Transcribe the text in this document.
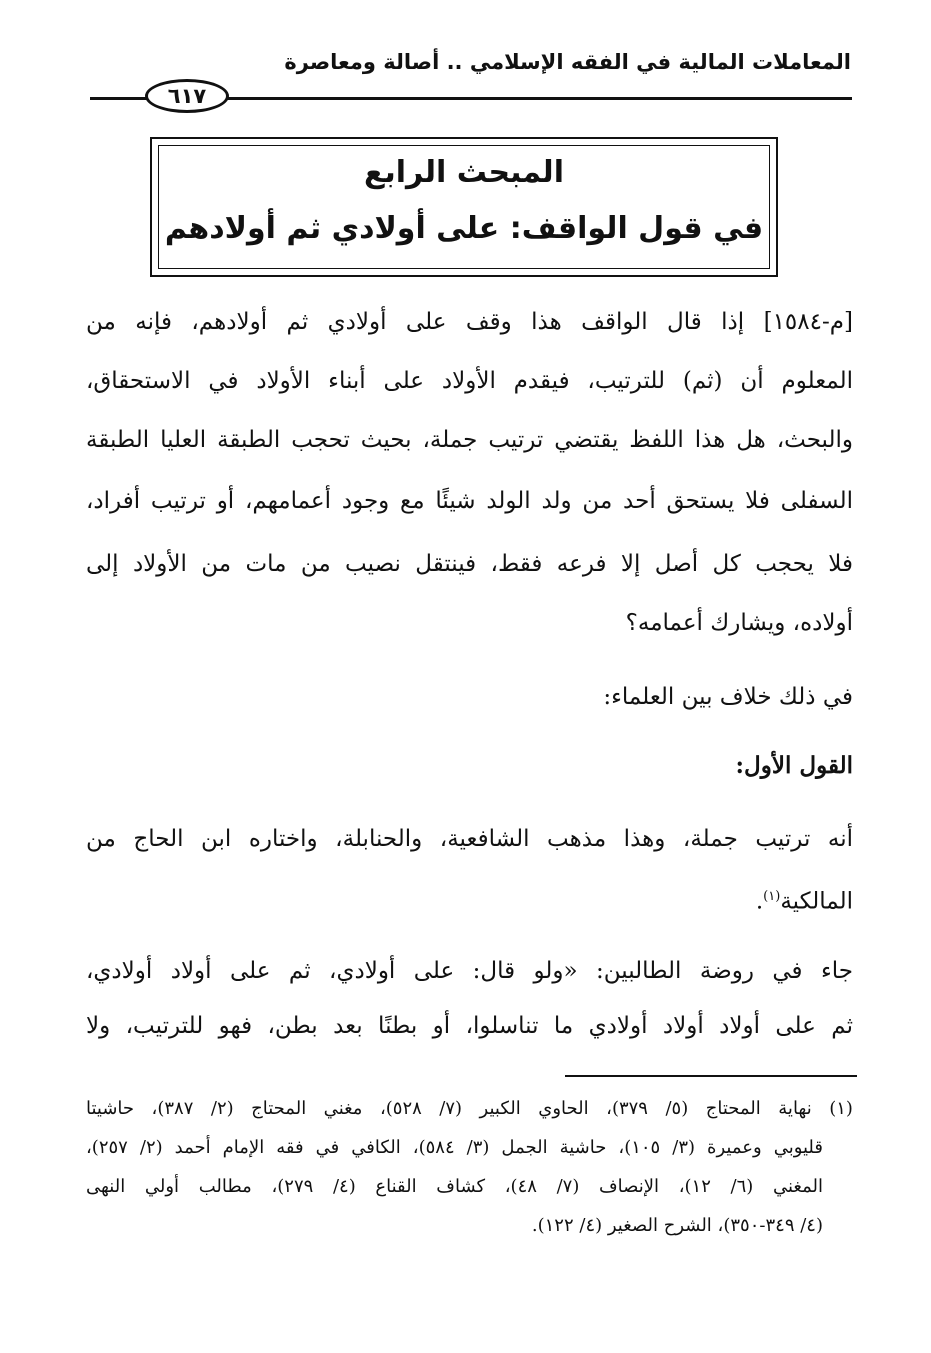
المعاملات المالية في الفقه الإسلامي .. أصالة ومعاصرة
٦١٧
المبحث الرابع
في قول الواقف: على أولادي ثم أولادهم
[م-١٥٨٤] إذا قال الواقف هذا وقف على أولادي ثم أولادهم، فإنه من
المعلوم أن (ثم) للترتيب، فيقدم الأولاد على أبناء الأولاد في الاستحقاق،
والبحث، هل هذا اللفظ يقتضي ترتيب جملة، بحيث تحجب الطبقة العليا الطبقة
السفلى فلا يستحق أحد من ولد الولد شيئًا مع وجود أعمامهم، أو ترتيب أفراد،
فلا يحجب كل أصل إلا فرعه فقط، فينتقل نصيب من مات من الأولاد إلى
أولاده، ويشارك أعمامه؟
في ذلك خلاف بين العلماء:
القول الأول:
أنه ترتيب جملة، وهذا مذهب الشافعية، والحنابلة، واختاره ابن الحاج من
المالكية$^{(١)}$.
جاء في روضة الطالبين: «ولو قال: على أولادي، ثم على أولاد أولادي،
ثم على أولاد أولاد أولادي ما تناسلوا، أو بطنًا بعد بطن، فهو للترتيب، ولا
(١) نهاية المحتاج (٥/ ٣٧٩)، الحاوي الكبير (٧/ ٥٢٨)، مغني المحتاج (٢/ ٣٨٧)، حاشيتا
قليوبي وعميرة (٣/ ١٠٥)، حاشية الجمل (٣/ ٥٨٤)، الكافي في فقه الإمام أحمد (٢/ ٢٥٧)،
المغني (٦/ ١٢)، الإنصاف (٧/ ٤٨)، كشاف القناع (٤/ ٢٧٩)، مطالب أولي النهى
(٤/ ٣٤٩-٣٥٠)، الشرح الصغير (٤/ ١٢٢).
